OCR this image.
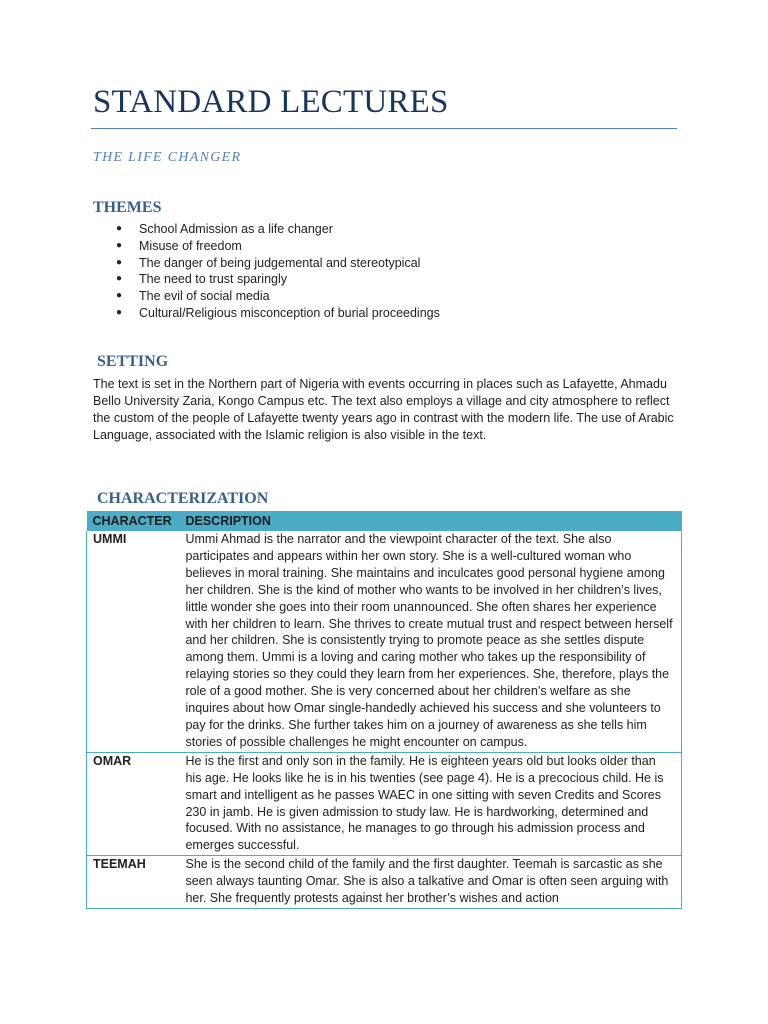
STANDARD LECTURES
THE LIFE CHANGER
THEMES
● School Admission as a life changer
● Misuse of freedom
● The danger of being judgemental and stereotypical
● The need to trust sparingly
● The evil of social media
● Cultural/Religious misconception of burial proceedings
SETTING

The text is set in the Northern part of Nigeria with events occurring in places such as Lafayette, Ahmadu Bello University Zaria, Kongo Campus etc. The text also employs a village and city atmosphere to reflect the custom of the people of Lafayette twenty years ago in contrast with the modern life. The use of Arabic Language, associated with the Islamic religion is also visible in the text.

CHARACTERIZATION
CHARACTER	DESCRIPTION
UMMI	Ummi Ahmad is the narrator and the viewpoint character of the text. She also participates and appears within her own story. She is a well-cultured woman who believes in moral training. She maintains and inculcates good personal hygiene among her children. She is the kind of mother who wants to be involved in her children’s lives, little wonder she goes into their room unannounced. She often shares her experience with her children to learn. She thrives to create mutual trust and respect between herself and her children. She is consistently trying to promote peace as she settles dispute among them. Ummi is a loving and caring mother who takes up the responsibility of relaying stories so they could they learn from her experiences. She, therefore, plays the role of a good mother. She is very concerned about her children’s welfare as she inquires about how Omar single-handedly achieved his success and she volunteers to pay for the drinks. She further takes him on a journey of awareness as she tells him stories of possible challenges he might encounter on campus.
OMAR	He is the first and only son in the family. He is eighteen years old but looks older than his age. He looks like he is in his twenties (see page 4). He is a precocious child. He is smart and intelligent as he passes WAEC in one sitting with seven Credits and Scores 230 in jamb. He is given admission to study law. He is hardworking, determined and focused. With no assistance, he manages to go through his admission process and emerges successful.
TEEMAH	She is the second child of the family and the first daughter. Teemah is sarcastic as she seen always taunting Omar. She is also a talkative and Omar is often seen arguing with her. She frequently protests against her brother’s wishes and action
